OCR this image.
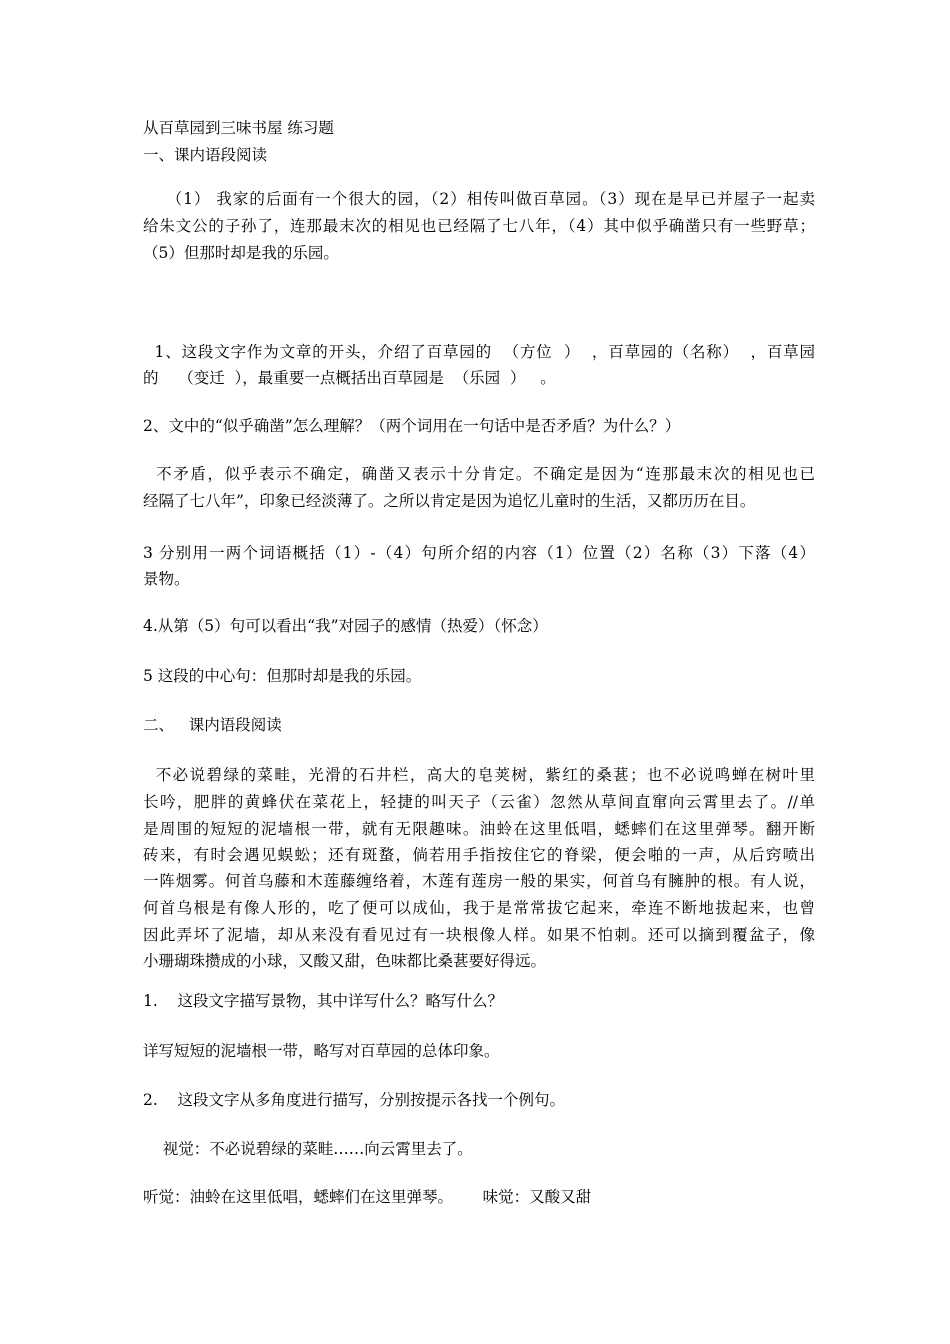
从百草园到三味书屋 练习题
一、课内语段阅读
（1） 我家的后面有一个很大的园，（2）相传叫做百草园。（3）现在是早已并屋子一起卖
给朱文公的子孙了，连那最末次的相见也已经隔了七八年，（4）其中似乎确凿只有一些野草；
（5）但那时却是我的乐园。
1、这段文字作为文章的开头，介绍了百草园的  （方位  ）  ，百草园的（名称）  ，百草园
的    （变迁  ），最重要一点概括出百草园是  （乐园  ）   。
2、文中的“似乎确凿”怎么理解？（两个词用在一句话中是否矛盾？为什么？）
不矛盾，似乎表示不确定，确凿又表示十分肯定。不确定是因为“连那最末次的相见也已
经隔了七八年”，印象已经淡薄了。之所以肯定是因为追忆儿童时的生活，又都历历在目。
3 分别用一两个词语概括（1）-（4）句所介绍的内容（1）位置（2）名称（3）下落（4）
景物。
4.从第（5）句可以看出“我”对园子的感情（热爱）（怀念）
5 这段的中心句：但那时却是我的乐园。
二、   课内语段阅读
不必说碧绿的菜畦，光滑的石井栏，高大的皂荚树，紫红的桑葚；也不必说鸣蝉在树叶里
长吟，肥胖的黄蜂伏在菜花上，轻捷的叫天子（云雀）忽然从草间直窜向云霄里去了。//单
是周围的短短的泥墙根一带，就有无限趣味。油蛉在这里低唱，蟋蟀们在这里弹琴。翻开断
砖来，有时会遇见蜈蚣；还有斑蝥，倘若用手指按住它的脊梁，便会啪的一声，从后窍喷出
一阵烟雾。何首乌藤和木莲藤缠络着，木莲有莲房一般的果实，何首乌有臃肿的根。有人说，
何首乌根是有像人形的，吃了便可以成仙，我于是常常拔它起来，牵连不断地拔起来，也曾
因此弄坏了泥墙，却从来没有看见过有一块根像人样。如果不怕刺。还可以摘到覆盆子，像
小珊瑚珠攒成的小球，又酸又甜，色味都比桑葚要好得远。
1.    这段文字描写景物，其中详写什么？略写什么？
详写短短的泥墙根一带，略写对百草园的总体印象。
2.    这段文字从多角度进行描写，分别按提示各找一个例句。
视觉：不必说碧绿的菜畦……向云霄里去了。
听觉：油蛉在这里低唱，蟋蟀们在这里弹琴。      味觉：又酸又甜
